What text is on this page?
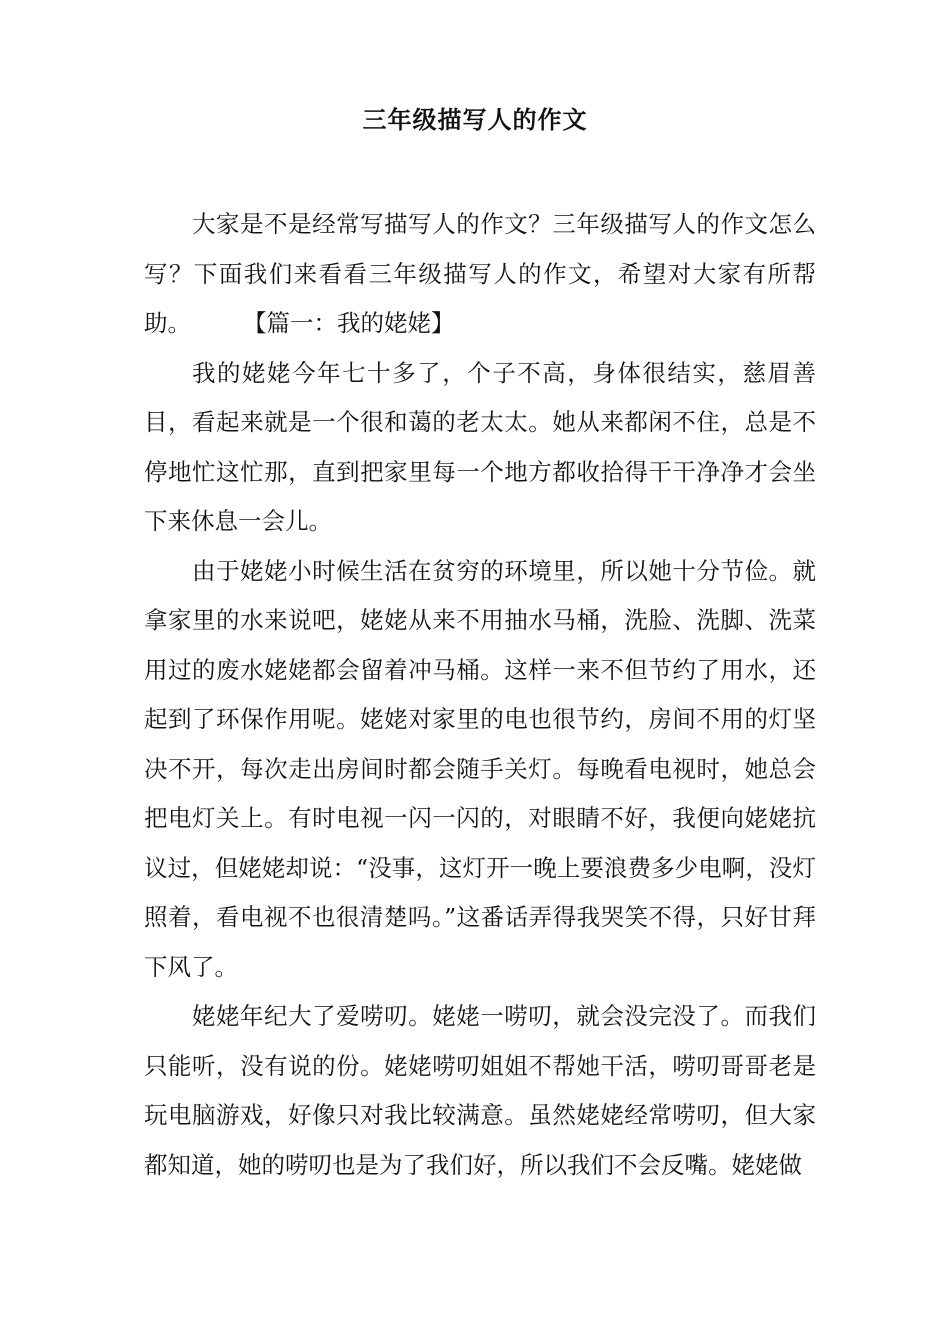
三年级描写人的作文

大家是不是经常写描写人的作文？三年级描写人的作文怎么写？下面我们来看看三年级描写人的作文，希望对大家有所帮助。 【篇一：我的姥姥】

我的姥姥今年七十多了，个子不高，身体很结实，慈眉善目，看起来就是一个很和蔼的老太太。她从来都闲不住，总是不停地忙这忙那，直到把家里每一个地方都收拾得干干净净才会坐下来休息一会儿。

由于姥姥小时候生活在贫穷的环境里，所以她十分节俭。就拿家里的水来说吧，姥姥从来不用抽水马桶，洗脸、洗脚、洗菜用过的废水姥姥都会留着冲马桶。这样一来不但节约了用水，还起到了环保作用呢。姥姥对家里的电也很节约，房间不用的灯坚决不开，每次走出房间时都会随手关灯。每晚看电视时，她总会把电灯关上。有时电视一闪一闪的，对眼睛不好，我便向姥姥抗议过，但姥姥却说：“没事，这灯开一晚上要浪费多少电啊，没灯照着，看电视不也很清楚吗。”这番话弄得我哭笑不得，只好甘拜下风了。

姥姥年纪大了爱唠叨。姥姥一唠叨，就会没完没了。而我们只能听，没有说的份。姥姥唠叨姐姐不帮她干活，唠叨哥哥老是玩电脑游戏，好像只对我比较满意。虽然姥姥经常唠叨，但大家都知道，她的唠叨也是为了我们好，所以我们不会反嘴。姥姥做
